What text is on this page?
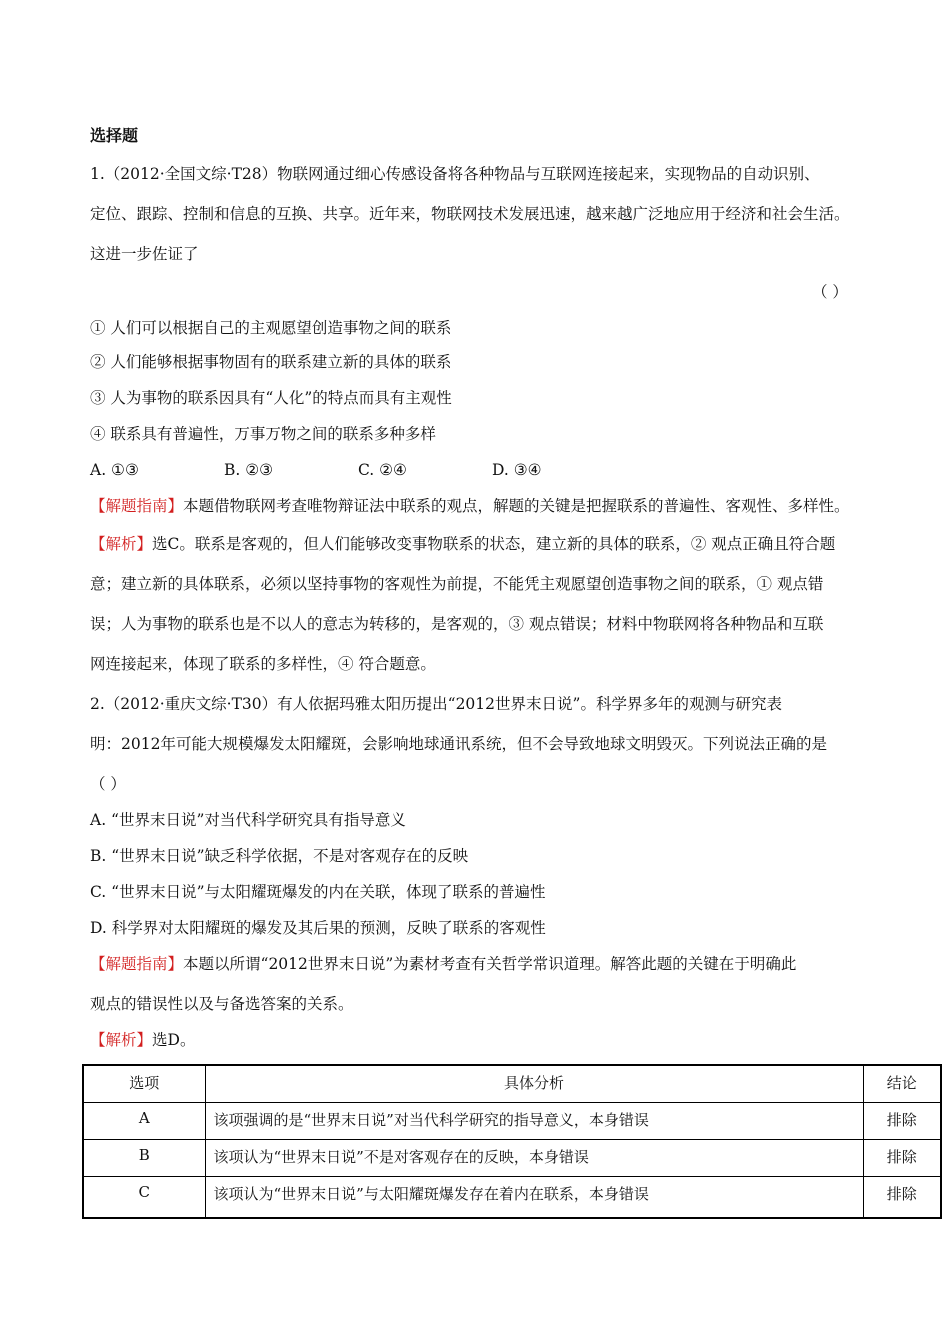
选择题

1.（2012·全国文综·T28）物联网通过细心传感设备将各种物品与互联网连接起来，实现物品的自动识别、

定位、跟踪、控制和信息的互换、共享。近年来，物联网技术发展迅速，越来越广泛地应用于经济和社会生活。

这进一步佐证了

（ ）

① 人们可以根据自己的主观愿望创造事物之间的联系

② 人们能够根据事物固有的联系建立新的具体的联系

③ 人为事物的联系因具有“人化”的特点而具有主观性

④ 联系具有普遍性，万事万物之间的联系多种多样

A. ①③	B. ②③	C. ②④	D. ③④

【解题指南】本题借物联网考查唯物辩证法中联系的观点，解题的关键是把握联系的普遍性、客观性、多样性。

【解析】选C。联系是客观的，但人们能够改变事物联系的状态，建立新的具体的联系，② 观点正确且符合题

意；建立新的具体联系，必须以坚持事物的客观性为前提，不能凭主观愿望创造事物之间的联系，① 观点错

误；人为事物的联系也是不以人的意志为转移的，是客观的，③ 观点错误；材料中物联网将各种物品和互联

网连接起来，体现了联系的多样性，④ 符合题意。

2.（2012·重庆文综·T30）有人依据玛雅太阳历提出“2012世界末日说”。科学界多年的观测与研究表

明：2012年可能大规模爆发太阳耀斑，会影响地球通讯系统，但不会导致地球文明毁灭。下列说法正确的是

（ ）

A. “世界末日说”对当代科学研究具有指导意义

B. “世界末日说”缺乏科学依据，不是对客观存在的反映

C. “世界末日说”与太阳耀斑爆发的内在关联，体现了联系的普遍性

D. 科学界对太阳耀斑的爆发及其后果的预测，反映了联系的客观性

【解题指南】本题以所谓“2012世界末日说”为素材考查有关哲学常识道理。解答此题的关键在于明确此

观点的错误性以及与备选答案的关系。

【解析】选D。

选项	具体分析	结论
A	该项强调的是“世界末日说”对当代科学研究的指导意义，本身错误	排除
B	该项认为“世界末日说”不是对客观存在的反映，本身错误	排除
C	该项认为“世界末日说”与太阳耀斑爆发存在着内在联系，本身错误	排除
